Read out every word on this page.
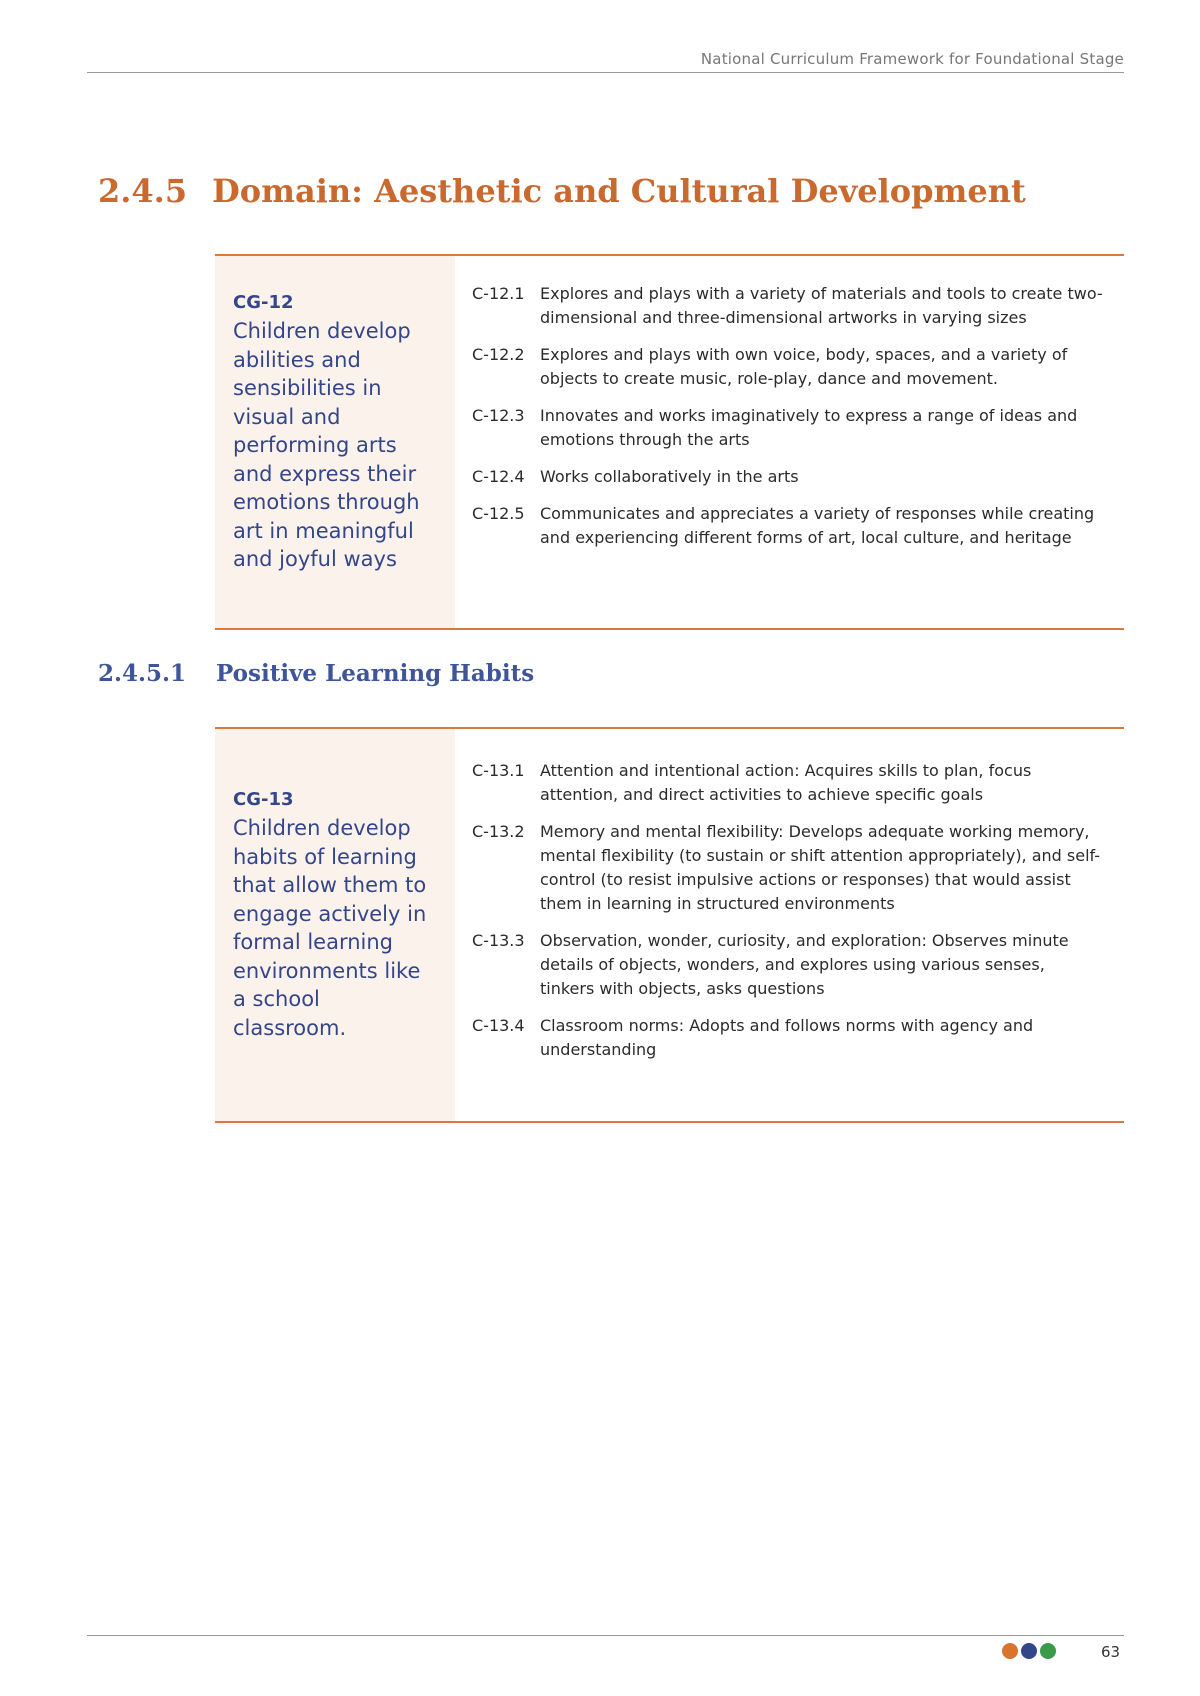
National Curriculum Framework for Foundational Stage
2.4.5 Domain: Aesthetic and Cultural Development
CG-12
Children develop abilities and sensibilities in visual and performing arts and express their emotions through art in meaningful and joyful ways
C-12.1 Explores and plays with a variety of materials and tools to create two-dimensional and three-dimensional artworks in varying sizes
C-12.2 Explores and plays with own voice, body, spaces, and a variety of objects to create music, role-play, dance and movement.
C-12.3 Innovates and works imaginatively to express a range of ideas and emotions through the arts
C-12.4 Works collaboratively in the arts
C-12.5 Communicates and appreciates a variety of responses while creating and experiencing different forms of art, local culture, and heritage
2.4.5.1 Positive Learning Habits
CG-13
Children develop habits of learning that allow them to engage actively in formal learning environments like a school classroom.
C-13.1 Attention and intentional action: Acquires skills to plan, focus attention, and direct activities to achieve specific goals
C-13.2 Memory and mental flexibility: Develops adequate working memory, mental flexibility (to sustain or shift attention appropriately), and self-control (to resist impulsive actions or responses) that would assist them in learning in structured environments
C-13.3 Observation, wonder, curiosity, and exploration: Observes minute details of objects, wonders, and explores using various senses, tinkers with objects, asks questions
C-13.4 Classroom norms: Adopts and follows norms with agency and understanding
63
